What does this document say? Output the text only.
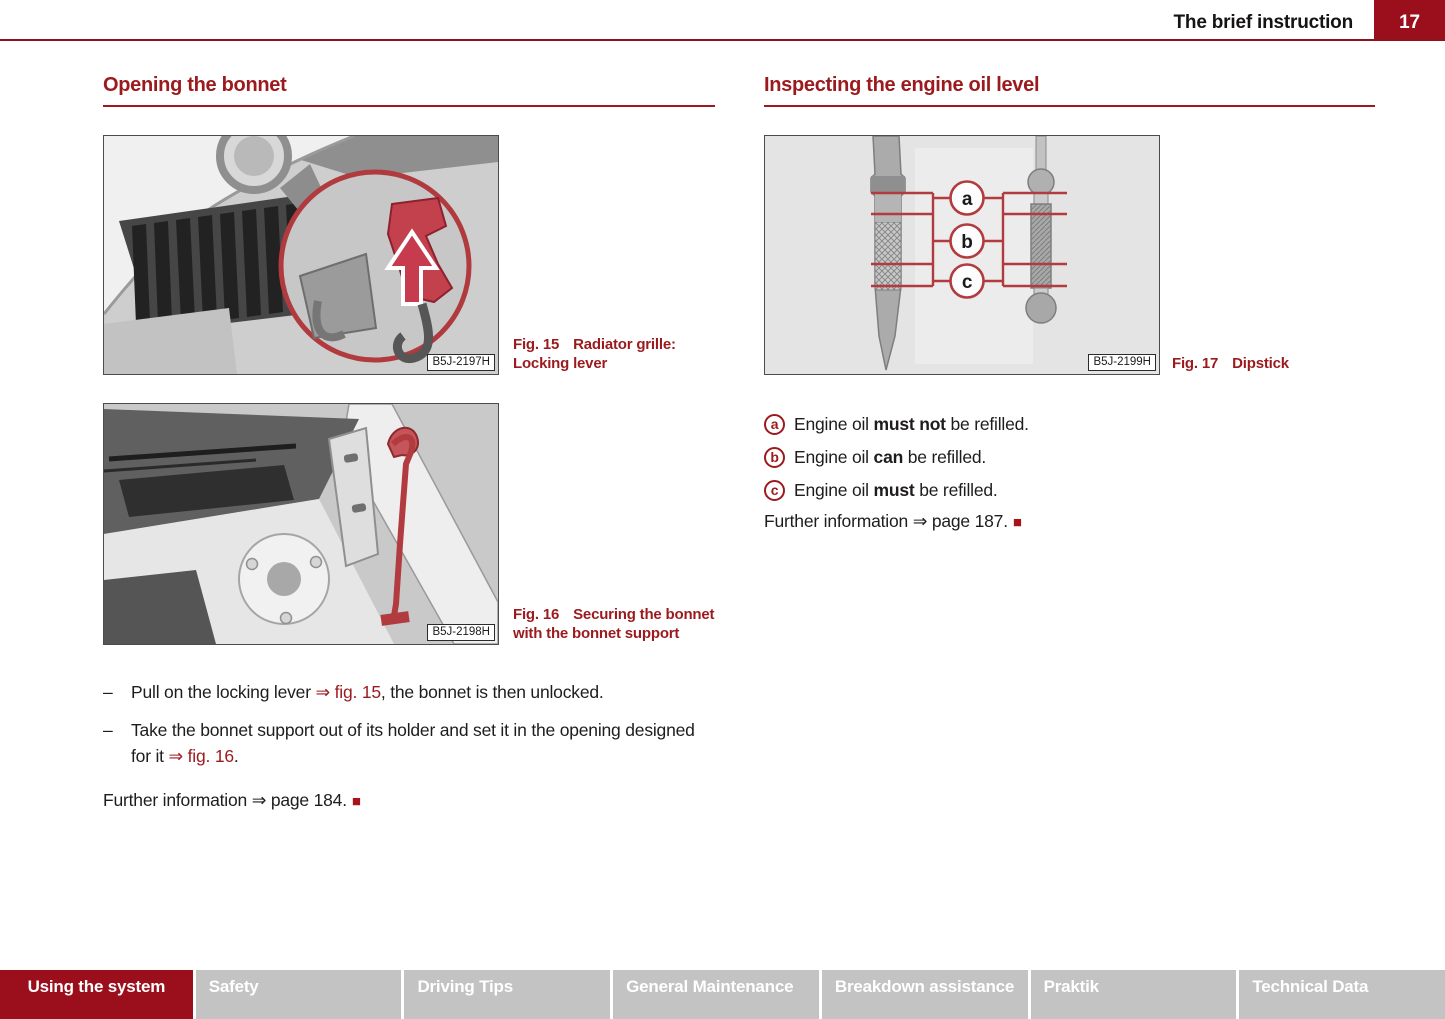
The brief instruction	17
Opening the bonnet	Inspecting the engine oil level
B5J-2197H
Fig. 15 Radiator grille: Locking lever
B5J-2198H
Fig. 16 Securing the bonnet with the bonnet support
a
b
c
B5J-2199H	Fig. 17 Dipstick
–	Pull on the locking lever ⇒ fig. 15, the bonnet is then unlocked.
–	Take the bonnet support out of its holder and set it in the opening designed for it ⇒ fig. 16.
Further information ⇒ page 184. ■
a Engine oil must not be refilled.
b Engine oil can be refilled.
c Engine oil must be refilled.
Further information ⇒ page 187. ■
Using the system	Safety	Driving Tips	General Maintenance	Breakdown assistance	Praktik	Technical Data
